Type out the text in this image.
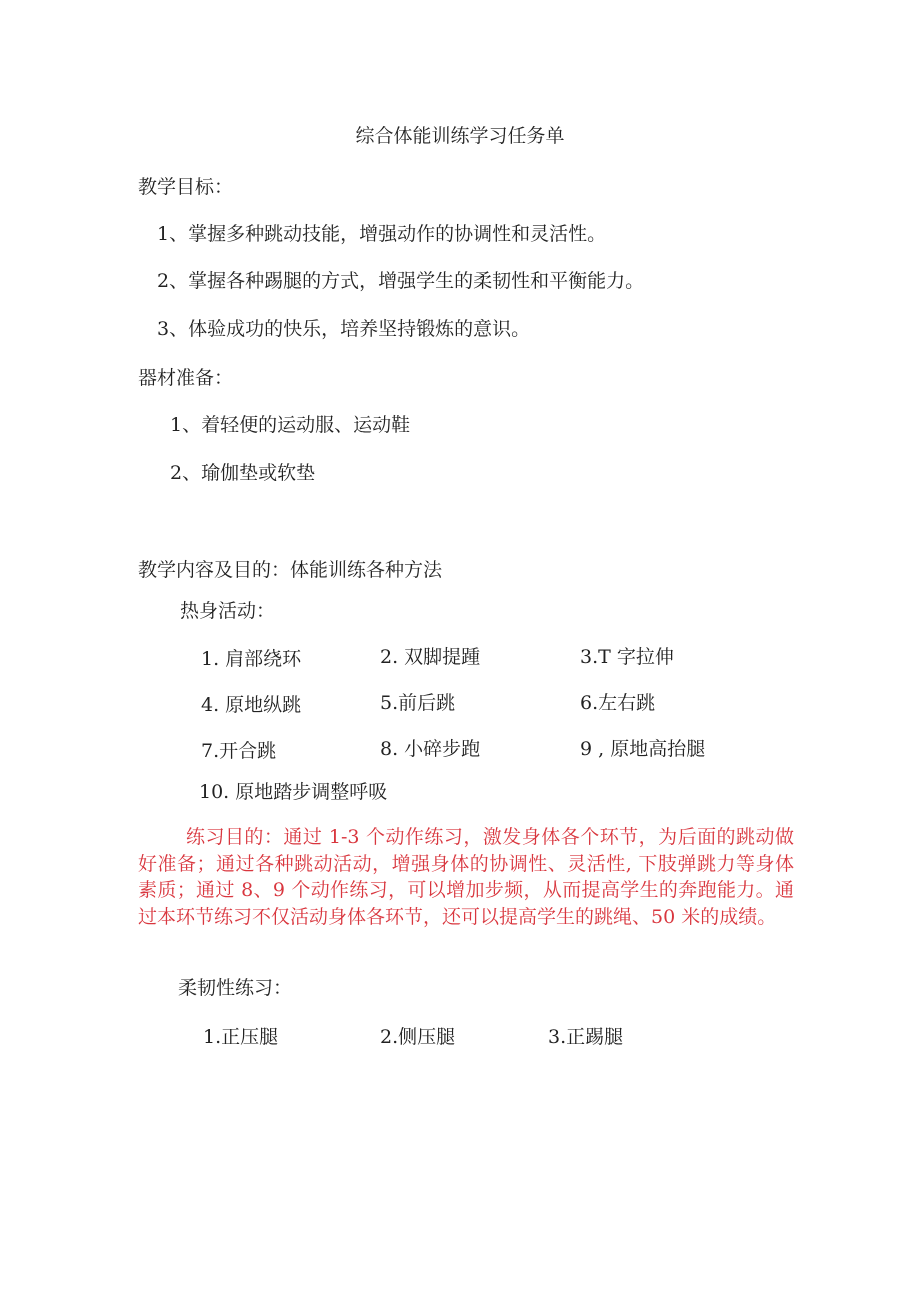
综合体能训练学习任务单
教学目标：
1、掌握多种跳动技能，增强动作的协调性和灵活性。
2、掌握各种踢腿的方式，增强学生的柔韧性和平衡能力。
3、体验成功的快乐，培养坚持锻炼的意识。
器材准备：
1、着轻便的运动服、运动鞋
2、瑜伽垫或软垫
教学内容及目的：体能训练各种方法
热身活动：
1. 肩部绕环	2. 双脚提踵	3.T 字拉伸
4. 原地纵跳	5.前后跳	6.左右跳
7.开合跳	8. 小碎步跑	9 , 原地高抬腿
10. 原地踏步调整呼吸
练习目的：通过 1-3 个动作练习，激发身体各个环节，为后面的跳动做好准备；通过各种跳动活动，增强身体的协调性、灵活性, 下肢弹跳力等身体素质；通过 8、9 个动作练习，可以增加步频，从而提高学生的奔跑能力。通过本环节练习不仅活动身体各环节，还可以提高学生的跳绳、50 米的成绩。
柔韧性练习：
1.正压腿	2.侧压腿	3.正踢腿
